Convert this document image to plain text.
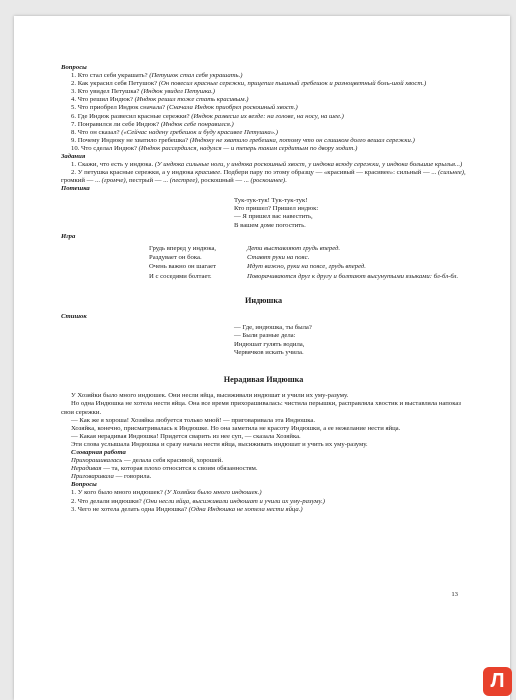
Вопросы

1. Кто стал себя украшать? (Петушок стал себя украшать.)

2. Как украсил себя Петушок? (Он повесил красные сережки, прицепил пышный гребешок и разноцветный боль-шой хвост.)

3. Кто увидел Петушка? (Индюк увидел Петушка.)

4. Что решил Индюк? (Индюк решил тоже стать красивым.)

5. Что приобрел Индюк сначала? (Сначала Индюк приобрел роскошный хвост.)

6. Где Индюк развесил красные сережки? (Индюк развесил их везде: на голове, на носу, на шее.)

7. Понравился ли себе Индюк? (Индюк себе понравился.)

8. Что он сказал? («Сейчас надену гребешок и буду красивее Петушка».)

9. Почему Индюку не хватило гребешка? (Индюку не хватило гребешка, потому что он слишком долго вешал сережки.)

10. Что сделал Индюк? (Индюк рассердился, надулся — и теперь таким сердитым по двору ходит.)

Задания

1. Скажи, что есть у индюка. (У индюка сильные ноги, у индюка роскошный хвост, у индюка всюду сережки, у индюка большие крылья...)

2. У петушка красные сережки, а у индюка красивее. Подбери пару по этому образцу — «красивый — красивее»: сильный — ... (сильнее), громкий — ... (громче), пестрый — ... (пестрее), роскошный — ... (роскошнее).

Потешка

Тук-тук-тук! Тук-тук-тук!

Кто пришел? Пришел индюк:

— Я пришел вас навестить,

В вашем доме погостить.

Игра

Грудь вперед у индюка,	Дети выставляют грудь вперед.
Раздувает он бока.	Ставят руки на пояс.
Очень важно он шагает	Идут важно, руки на поясе, грудь вперед.
И с соседями болтает.	Поворачиваются друг к другу и болтают высунутыми языками: бл-бл-бл.

Индюшка

Стишок

— Где, индюшка, ты была?

— Были разные дела:

Индюшат гулять водила,

Червячков искать учила.

Нерадивая Индюшка

У Хозяйки было много индюшек. Они несли яйца, высиживали индюшат и учили их уму-разуму.

Но одна Индюшка не хотела нести яйца. Она все время прихорашивалась: чистила перышки, расправляла хвостик и выставляла напоказ свои сережки.

— Как же я хороша! Хозяйка любуется только мной! — приговаривала эта Индюшка.

Хозяйка, конечно, присматривалась к Индюшке. Но она заметила не красоту Индюшки, а ее нежелание нести яйца.

— Какая нерадивая Индюшка! Придется сварить из нее суп, — сказала Хозяйка.

Эти слова услышала Индюшка и сразу начала нести яйца, высиживать индюшат и учить их уму-разуму.

Словарная работа

Прихорашивалась — делала себя красивой, хорошей.

Нерадивая — та, которая плохо относится к своим обязанностям.

Приговаривала — говорила.

Вопросы

1. У кого было много индюшек? (У Хозяйки было много индюшек.)

2. Что делали индюшки? (Они несли яйца, высиживали индюшат и учили их уму-разуму.)

3. Чего не хотела делать одна Индюшка? (Одна Индюшка не хотела нести яйца.)

13
Л
